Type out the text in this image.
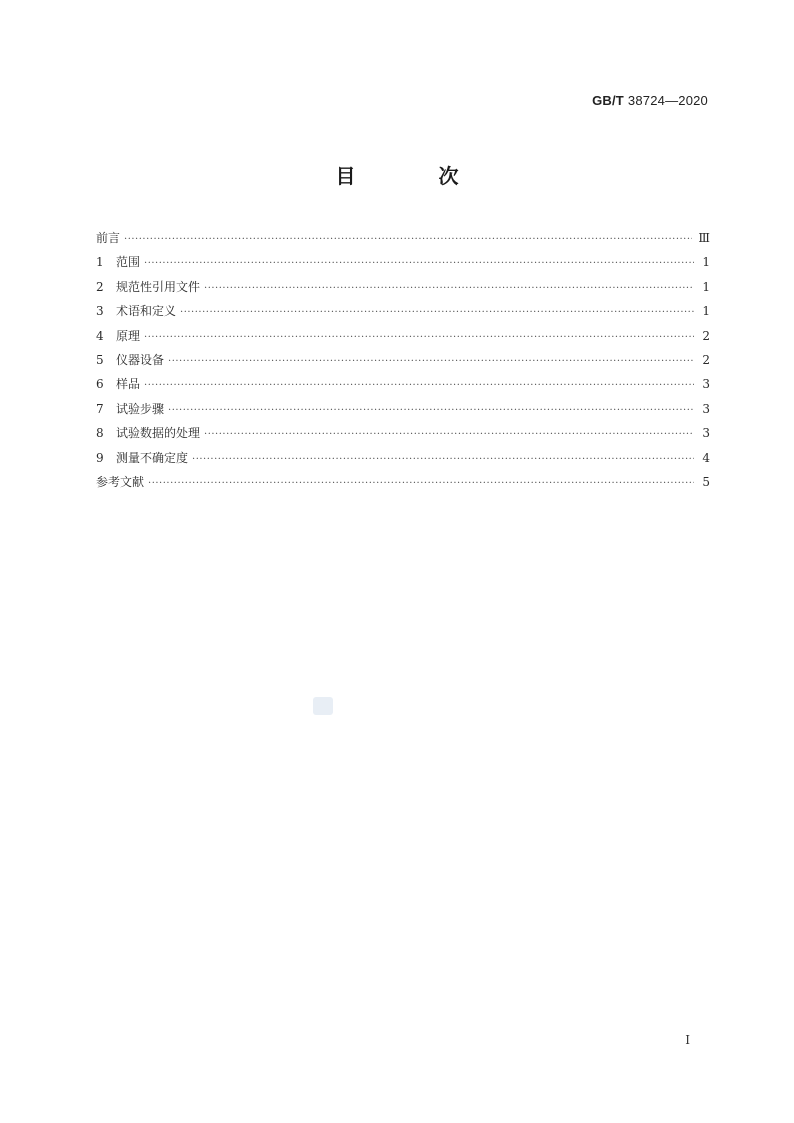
GB/T 38724—2020
目 次
前言 ·····	Ⅲ
1	范围 ·····	1
2	规范性引用文件 ·····	1
3	术语和定义 ·····	1
4	原理 ·····	2
5	仪器设备 ·····	2
6	样品 ·····	3
7	试验步骤 ·····	3
8	试验数据的处理 ·····	3
9	测量不确定度 ·····	4
参考文献 ·····	5
Ⅰ
